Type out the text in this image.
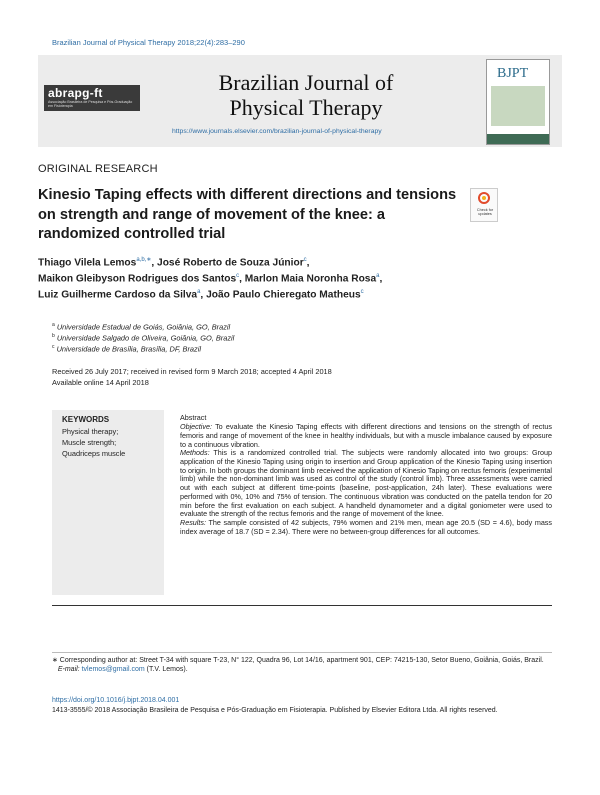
Brazilian Journal of Physical Therapy 2018;22(4):283–290
abrapg-ft
Associação Brasileira de Pesquisa e Pós-Graduação em Fisioterapia
Brazilian Journal of
Physical Therapy
https://www.journals.elsevier.com/brazilian-journal-of-physical-therapy
BJPT
ORIGINAL RESEARCH
Kinesio Taping effects with different directions and tensions on strength and range of movement of the knee: a randomized controlled trial
Check for updates
Thiago Vilela Lemos$^{a,b,∗}$, José Roberto de Souza Júnior$^c$,
Maikon Gleibyson Rodrigues dos Santos$^c$, Marlon Maia Noronha Rosa$^a$,
Luiz Guilherme Cardoso da Silva$^a$, João Paulo Chieregato Matheus$^c$
$^a$ Universidade Estadual de Goiás, Goiânia, GO, Brazil
$^b$ Universidade Salgado de Oliveira, Goiânia, GO, Brazil
$^c$ Universidade de Brasília, Brasília, DF, Brazil
Received 26 July 2017; received in revised form 9 March 2018; accepted 4 April 2018
Available online 14 April 2018
KEYWORDS
Physical therapy;
Muscle strength;
Quadriceps muscle
Abstract
Objective: To evaluate the Kinesio Taping effects with different directions and tensions on the strength of rectus femoris and range of movement of the knee in healthy individuals, but with a muscle imbalance caused by exposure to a continuous vibration.
Methods: This is a randomized controlled trial. The subjects were randomly allocated into two groups: Group application of the Kinesio Taping using origin to insertion and Group application of the Kinesio Taping using insertion to origin. In both groups the dominant limb received the application of Kinesio Taping on rectus femoris (experimental limb) while the non-dominant limb was used as control of the study (control limb). Three assessments were carried out with each subject at different time-points (baseline, post-application, 24h later). These evaluations were performed with 0%, 10% and 75% of tension. The continuous vibration was conducted on the patella tendon for 20 min before the first evaluation on each subject. A handheld dynamometer and a digital goniometer were used to evaluate the strength of the rectus femoris and the range of movement of the knee.
Results: The sample consisted of 42 subjects, 79% women and 21% men, mean age 20.5 (SD = 4.6), body mass index average of 18.7 (SD = 2.34). There were no between-group differences for all outcomes.
∗ Corresponding author at: Street T-34 with square T-23, N° 122, Quadra 96, Lot 14/16, apartment 901, CEP: 74215-130, Setor Bueno, Goiânia, Goiás, Brazil.
E-mail: tvlemos@gmail.com (T.V. Lemos).
https://doi.org/10.1016/j.bjpt.2018.04.001
1413-3555/© 2018 Associação Brasileira de Pesquisa e Pós-Graduação em Fisioterapia. Published by Elsevier Editora Ltda. All rights reserved.
